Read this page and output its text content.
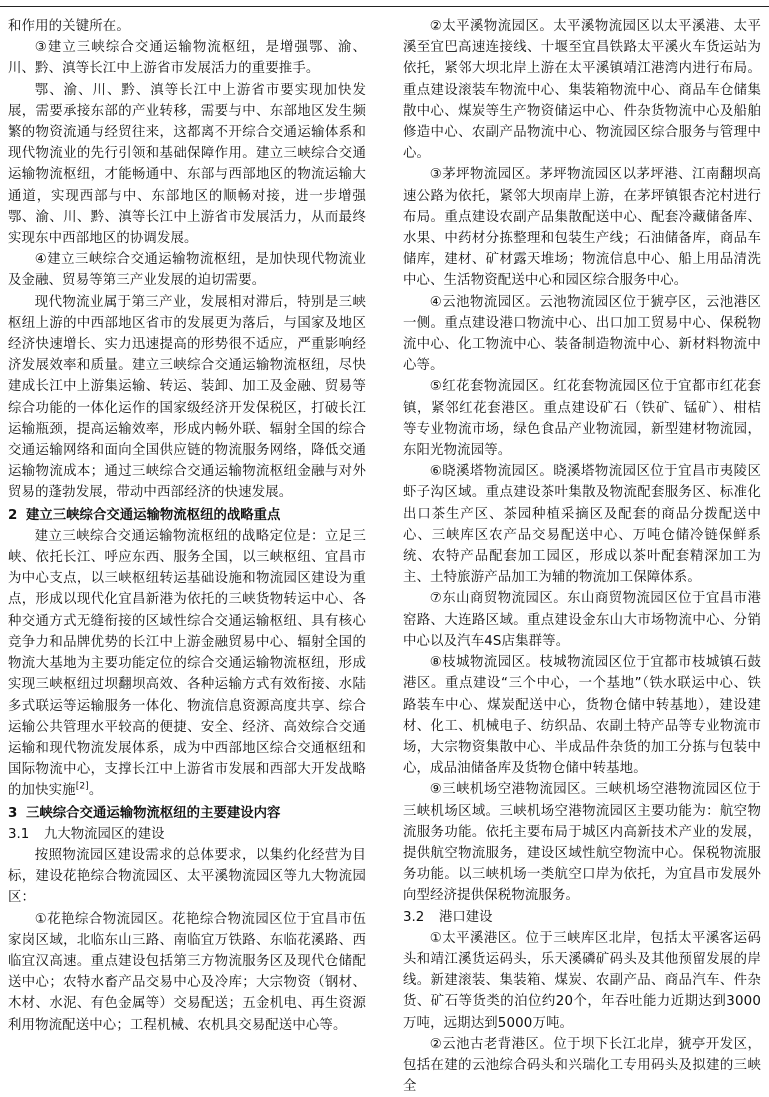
和作用的关键所在。

③建立三峡综合交通运输物流枢纽，是增强鄂、渝、川、黔、滇等长江中上游省市发展活力的重要推手。

鄂、渝、川、黔、滇等长江中上游省市要实现加快发展，需要承接东部的产业转移，需要与中、东部地区发生频繁的物资流通与经贸往来，这都离不开综合交通运输体系和现代物流业的先行引领和基础保障作用。建立三峡综合交通运输物流枢纽，才能畅通中、东部与西部地区的物流运输大通道，实现西部与中、东部地区的顺畅对接，进一步增强鄂、渝、川、黔、滇等长江中上游省市发展活力，从而最终实现东中西部地区的协调发展。

④建立三峡综合交通运输物流枢纽，是加快现代物流业及金融、贸易等第三产业发展的迫切需要。

现代物流业属于第三产业，发展相对滞后，特别是三峡枢纽上游的中西部地区省市的发展更为落后，与国家及地区经济快速增长、实力迅速提高的形势很不适应，严重影响经济发展效率和质量。建立三峡综合交通运输物流枢纽，尽快建成长江中上游集运输、转运、装卸、加工及金融、贸易等综合功能的一体化运作的国家级经济开发保税区，打破长江运输瓶颈，提高运输效率，形成内畅外联、辐射全国的综合交通运输网络和面向全国供应链的物流服务网络，降低交通运输物流成本；通过三峡综合交通运输物流枢纽金融与对外贸易的蓬勃发展，带动中西部经济的快速发展。

2 建立三峡综合交通运输物流枢纽的战略重点

建立三峡综合交通运输物流枢纽的战略定位是：立足三峡、依托长江、呼应东西、服务全国，以三峡枢纽、宜昌市为中心支点，以三峡枢纽转运基础设施和物流园区建设为重点，形成以现代化宜昌新港为依托的三峡货物转运中心、各种交通方式无缝衔接的区域性综合交通运输枢纽、具有核心竞争力和品牌优势的长江中上游金融贸易中心、辐射全国的物流大基地为主要功能定位的综合交通运输物流枢纽，形成实现三峡枢纽过坝翻坝高效、各种运输方式有效衔接、水陆多式联运等运输服务一体化、物流信息资源高度共享、综合运输公共管理水平较高的便捷、安全、经济、高效综合交通运输和现代物流发展体系，成为中西部地区综合交通枢纽和国际物流中心，支撑长江中上游省市发展和西部大开发战略的加快实施[2]。

3 三峡综合交通运输物流枢纽的主要建设内容
3.1 九大物流园区的建设

按照物流园区建设需求的总体要求，以集约化经营为目标，建设花艳综合物流园区、太平溪物流园区等九大物流园区：

①花艳综合物流园区。花艳综合物流园区位于宜昌市伍家岗区域，北临东山三路、南临宜万铁路、东临花溪路、西临宜汉高速。重点建设包括第三方物流服务区及现代仓储配送中心；农特水畜产品交易中心及冷库；大宗物资（钢材、木材、水泥、有色金属等）交易配送；五金机电、再生资源利用物流配送中心；工程机械、农机具交易配送中心等。

②太平溪物流园区。太平溪物流园区以太平溪港、太平溪至宜巴高速连接线、十堰至宜昌铁路太平溪火车货运站为依托，紧邻大坝北岸上游在太平溪镇靖江港湾内进行布局。重点建设滚装车物流中心、集装箱物流中心、商品车仓储集散中心、煤炭等生产物资储运中心、件杂货物流中心及船舶修造中心、农副产品物流中心、物流园区综合服务与管理中心。

③茅坪物流园区。茅坪物流园区以茅坪港、江南翻坝高速公路为依托，紧邻大坝南岸上游，在茅坪镇银杏沱村进行布局。重点建设农副产品集散配送中心、配套冷藏储备库、水果、中药材分拣整理和包装生产线；石油储备库，商品车储库，建材、矿材露天堆场；物流信息中心、船上用品清洗中心、生活物资配送中心和园区综合服务中心。

④云池物流园区。云池物流园区位于猇亭区，云池港区一侧。重点建设港口物流中心、出口加工贸易中心、保税物流中心、化工物流中心、装备制造物流中心、新材料物流中心等。

⑤红花套物流园区。红花套物流园区位于宜都市红花套镇，紧邻红花套港区。重点建设矿石（铁矿、锰矿）、柑桔等专业物流市场，绿色食品产业物流园，新型建材物流园，东阳光物流园等。

⑥晓溪塔物流园区。晓溪塔物流园区位于宜昌市夷陵区虾子沟区域。重点建设茶叶集散及物流配套服务区、标准化出口茶生产区、茶园种植采摘区及配套的商品分拨配送中心、三峡库区农产品交易配送中心、万吨仓储冷链保鲜系统、农特产品配套加工园区，形成以茶叶配套精深加工为主、土特旅游产品加工为辅的物流加工保障体系。

⑦东山商贸物流园区。东山商贸物流园区位于宜昌市港窑路、大连路区域。重点建设金东山大市场物流中心、分销中心以及汽车4S店集群等。

⑧枝城物流园区。枝城物流园区位于宜都市枝城镇石鼓港区。重点建设“三个中心，一个基地”（铁水联运中心、铁路装车中心、煤炭配送中心，货物仓储中转基地），建设建材、化工、机械电子、纺织品、农副土特产品等专业物流市场，大宗物资集散中心、半成品件杂货的加工分拣与包装中心，成品油储备库及货物仓储中转基地。

⑨三峡机场空港物流园区。三峡机场空港物流园区位于三峡机场区域。三峡机场空港物流园区主要功能为：航空物流服务功能。依托主要布局于城区内高新技术产业的发展，提供航空物流服务，建设区域性航空物流中心。保税物流服务功能。以三峡机场一类航空口岸为依托，为宜昌市发展外向型经济提供保税物流服务。

3.2 港口建设

①太平溪港区。位于三峡库区北岸，包括太平溪客运码头和靖江溪货运码头，乐天溪磷矿码头及其他预留发展的岸线。新建滚装、集装箱、煤炭、农副产品、商品汽车、件杂货、矿石等货类的泊位约20个，年吞吐能力近期达到3000万吨，远期达到5000万吨。

②云池古老背港区。位于坝下长江北岸，猇亭开发区，包括在建的云池综合码头和兴瑞化工专用码头及拟建的三峡全
